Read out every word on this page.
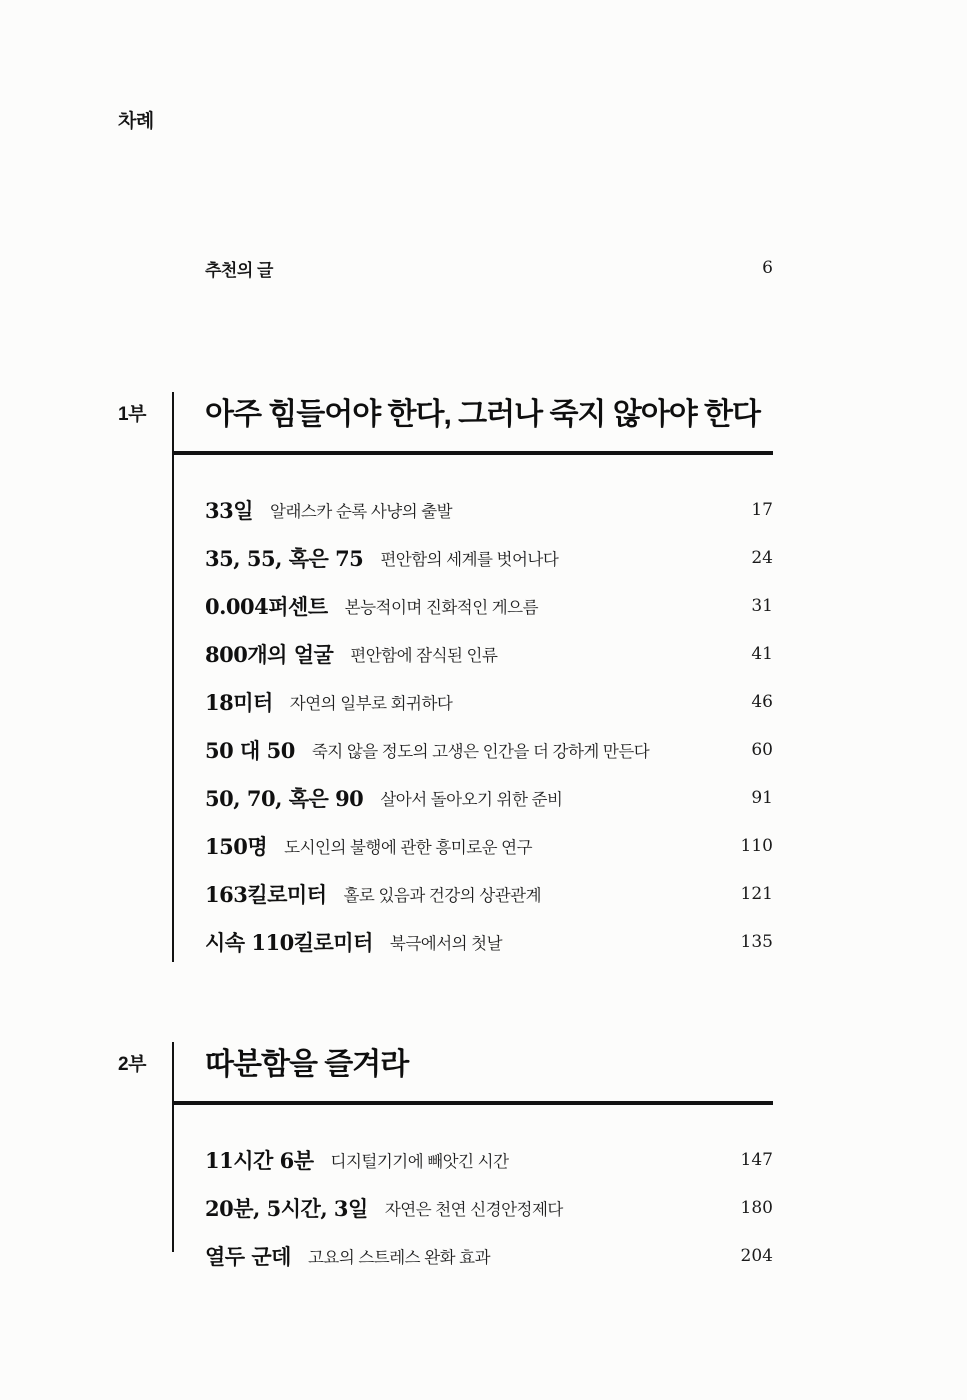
차례
추천의 글	6
1부 아주 힘들어야 한다, 그러나 죽지 않아야 한다
33일 알래스카 순록 사냥의 출발	17
35, 55, 혹은 75 편안함의 세계를 벗어나다	24
0.004퍼센트 본능적이며 진화적인 게으름	31
800개의 얼굴 편안함에 잠식된 인류	41
18미터 자연의 일부로 회귀하다	46
50 대 50 죽지 않을 정도의 고생은 인간을 더 강하게 만든다	60
50, 70, 혹은 90 살아서 돌아오기 위한 준비	91
150명 도시인의 불행에 관한 흥미로운 연구	110
163킬로미터 홀로 있음과 건강의 상관관계	121
시속 110킬로미터 북극에서의 첫날	135
2부 따분함을 즐겨라
11시간 6분 디지털기기에 빼앗긴 시간	147
20분, 5시간, 3일 자연은 천연 신경안정제다	180
열두 군데 고요의 스트레스 완화 효과	204
